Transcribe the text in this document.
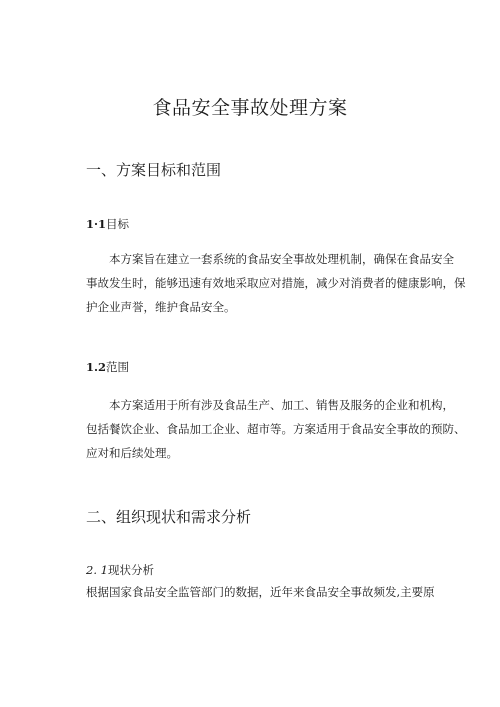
食品安全事故处理方案
一、方案目标和范围
1·1目标
本方案旨在建立一套系统的食品安全事故处理机制，确保在食品安全
事故发生时，能够迅速有效地采取应对措施，减少对消费者的健康影响，保
护企业声誉，维护食品安全。
1.2范围
本方案适用于所有涉及食品生产、加工、销售及服务的企业和机构，
包括餐饮企业、食品加工企业、超市等。方案适用于食品安全事故的预防、
应对和后续处理。
二、组织现状和需求分析
2. 1现状分析
根据国家食品安全监管部门的数据，近年来食品安全事故频发,主要原
